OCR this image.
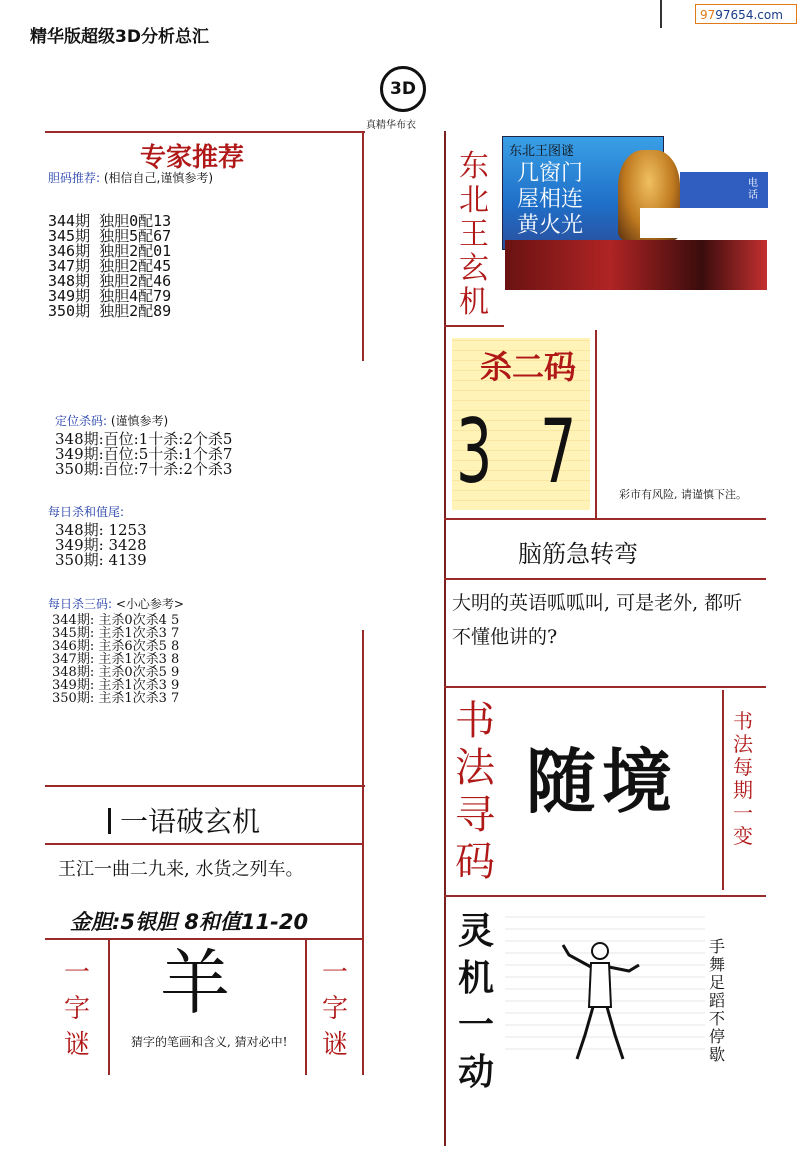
精华版超级3D分析总汇
9797654.com
3D
真精华布衣
专家推荐
胆码推荐: (相信自己,谨慎参考)
344期 独胆0配13
345期 独胆5配67
346期 独胆2配01
347期 独胆2配45
348期 独胆2配46
349期 独胆4配79
350期 独胆2配89
定位杀码: (谨慎参考)
348期:百位:1十杀:2个杀5
349期:百位:5十杀:1个杀7
350期:百位:7十杀:2个杀3
每日杀和值尾:
348期: 1253
349期: 3428
350期: 4139
每日杀三码: <小心参考>
344期: 主杀0次杀4 5
345期: 主杀1次杀3 7
346期: 主杀6次杀5 8
347期: 主杀1次杀3 8
348期: 主杀0次杀5 9
349期: 主杀1次杀3 9
350期: 主杀1次杀3 7
一语破玄机
王江一曲二九来, 水货之列车。
金胆:5银胆 8和值11-20
一
字
谜
羊
猜字的笔画和含义, 猜对必中!
一
字
谜
东
北
王
玄
机
东北王图谜
几窗门
屋相连
黄火光
电话
杀二码
3 7	彩市有风险, 请谨慎下注。
脑筋急转弯
大明的英语呱呱叫, 可是老外, 都听不懂他讲的?
书
法
寻
码
随境
书
法
每
期
一
变
灵
机
一
动
手
舞
足
蹈
不
停
歇
